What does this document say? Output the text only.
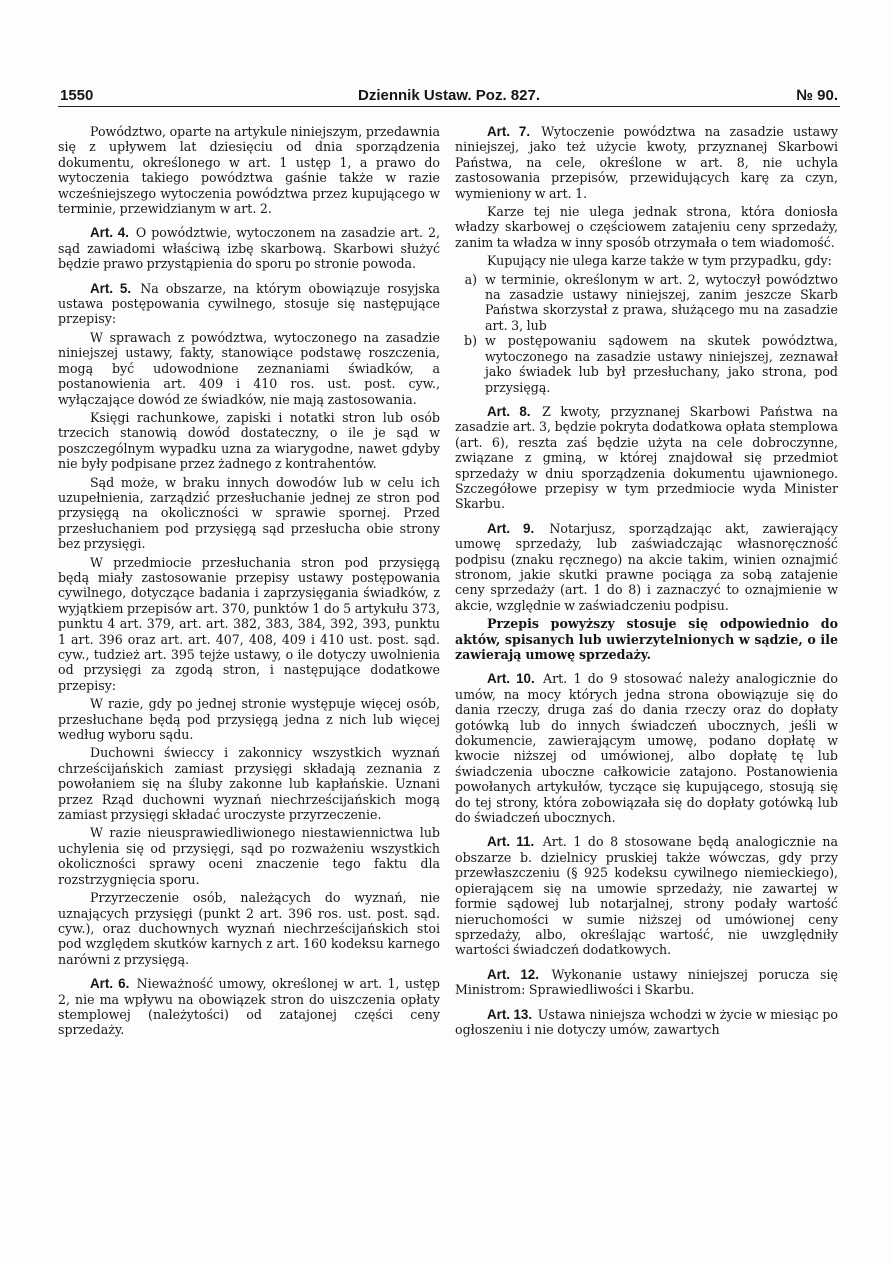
1550	Dziennik Ustaw. Poz. 827.	№ 90.

Powództwo, oparte na artykule niniejszym, przedawnia się z upływem lat dziesięciu od dnia sporządzenia dokumentu, określonego w art. 1 ustęp 1, a prawo do wytoczenia takiego powództwa gaśnie także w razie wcześniejszego wytoczenia powództwa przez kupującego w terminie, przewidzianym w art. 2.

Art. 4. O powództwie, wytoczonem na zasadzie art. 2, sąd zawiadomi właściwą izbę skarbową. Skarbowi służyć będzie prawo przystąpienia do sporu po stronie powoda.

Art. 5. Na obszarze, na którym obowiązuje rosyjska ustawa postępowania cywilnego, stosuje się następujące przepisy:

W sprawach z powództwa, wytoczonego na zasadzie niniejszej ustawy, fakty, stanowiące podstawę roszczenia, mogą być udowodnione zeznaniami świadków, a postanowienia art. 409 i 410 ros. ust. post. cyw., wyłączające dowód ze świadków, nie mają zastosowania.

Księgi rachunkowe, zapiski i notatki stron lub osób trzecich stanowią dowód dostateczny, o ile je sąd w poszczególnym wypadku uzna za wiarygodne, nawet gdyby nie były podpisane przez żadnego z kontrahentów.

Sąd może, w braku innych dowodów lub w celu ich uzupełnienia, zarządzić przesłuchanie jednej ze stron pod przysięgą na okoliczności w sprawie spornej. Przed przesłuchaniem pod przysięgą sąd przesłucha obie strony bez przysięgi.

W przedmiocie przesłuchania stron pod przysięgą będą miały zastosowanie przepisy ustawy postępowania cywilnego, dotyczące badania i zaprzysięgania świadków, z wyjątkiem przepisów art. 370, punktów 1 do 5 artykułu 373, punktu 4 art. 379, art. art. 382, 383, 384, 392, 393, punktu 1 art. 396 oraz art. art. 407, 408, 409 i 410 ust. post. sąd. cyw., tudzież art. 395 tejże ustawy, o ile dotyczy uwolnienia od przysięgi za zgodą stron, i następujące dodatkowe przepisy:

W razie, gdy po jednej stronie występuje więcej osób, przesłuchane będą pod przysięgą jedna z nich lub więcej według wyboru sądu.

Duchowni świeccy i zakonnicy wszystkich wyznań chrześcijańskich zamiast przysięgi składają zeznania z powołaniem się na śluby zakonne lub kapłańskie. Uznani przez Rząd duchowni wyznań niechrześcijańskich mogą zamiast przysięgi składać uroczyste przyrzeczenie.

W razie nieusprawiedliwionego niestawiennictwa lub uchylenia się od przysięgi, sąd po rozważeniu wszystkich okoliczności sprawy oceni znaczenie tego faktu dla rozstrzygnięcia sporu.

Przyrzeczenie osób, należących do wyznań, nie uznających przysięgi (punkt 2 art. 396 ros. ust. post. sąd. cyw.), oraz duchownych wyznań niechrześcijańskich stoi pod względem skutków karnych z art. 160 kodeksu karnego narówni z przysięgą.

Art. 6. Nieważność umowy, określonej w art. 1, ustęp 2, nie ma wpływu na obowiązek stron do uiszczenia opłaty stemplowej (należytości) od zatajonej części ceny sprzedaży.

Art. 7. Wytoczenie powództwa na zasadzie ustawy niniejszej, jako też użycie kwoty, przyznanej Skarbowi Państwa, na cele, określone w art. 8, nie uchyla zastosowania przepisów, przewidujących karę za czyn, wymieniony w art. 1.

Karze tej nie ulega jednak strona, która doniosła władzy skarbowej o częściowem zatajeniu ceny sprzedaży, zanim ta władza w inny sposób otrzymała o tem wiadomość.

Kupujący nie ulega karze także w tym przypadku, gdy:

a) w terminie, określonym w art. 2, wytoczył powództwo na zasadzie ustawy niniejszej, zanim jeszcze Skarb Państwa skorzystał z prawa, służącego mu na zasadzie art. 3, lub
b) w postępowaniu sądowem na skutek powództwa, wytoczonego na zasadzie ustawy niniejszej, zeznawał jako świadek lub był przesłuchany, jako strona, pod przysięgą.

Art. 8. Z kwoty, przyznanej Skarbowi Państwa na zasadzie art. 3, będzie pokryta dodatkowa opłata stemplowa (art. 6), reszta zaś będzie użyta na cele dobroczynne, związane z gminą, w której znajdował się przedmiot sprzedaży w dniu sporządzenia dokumentu ujawnionego. Szczegółowe przepisy w tym przedmiocie wyda Minister Skarbu.

Art. 9. Notarjusz, sporządzając akt, zawierający umowę sprzedaży, lub zaświadczając własnoręczność podpisu (znaku ręcznego) na akcie takim, winien oznajmić stronom, jakie skutki prawne pociąga za sobą zatajenie ceny sprzedaży (art. 1 do 8) i zaznaczyć to oznajmienie w akcie, względnie w zaświadczeniu podpisu.

Przepis powyższy stosuje się odpowiednio do aktów, spisanych lub uwierzytelnionych w sądzie, o ile zawierają umowę sprzedaży.

Art. 10. Art. 1 do 9 stosować należy analogicznie do umów, na mocy których jedna strona obowiązuje się do dania rzeczy, druga zaś do dania rzeczy oraz do dopłaty gotówką lub do innych świadczeń ubocznych, jeśli w dokumencie, zawierającym umowę, podano dopłatę w kwocie niższej od umówionej, albo dopłatę tę lub świadczenia uboczne całkowicie zatajono. Postanowienia powołanych artykułów, tyczące się kupującego, stosują się do tej strony, która zobowiązała się do dopłaty gotówką lub do świadczeń ubocznych.

Art. 11. Art. 1 do 8 stosowane będą analogicznie na obszarze b. dzielnicy pruskiej także wówczas, gdy przy przewłaszczeniu (§ 925 kodeksu cywilnego niemieckiego), opierającem się na umowie sprzedaży, nie zawartej w formie sądowej lub notarjalnej, strony podały wartość nieruchomości w sumie niższej od umówionej ceny sprzedaży, albo, określając wartość, nie uwzględniły wartości świadczeń dodatkowych.

Art. 12. Wykonanie ustawy niniejszej porucza się Ministrom: Sprawiedliwości i Skarbu.

Art. 13. Ustawa niniejsza wchodzi w życie w miesiąc po ogłoszeniu i nie dotyczy umów, zawartych
